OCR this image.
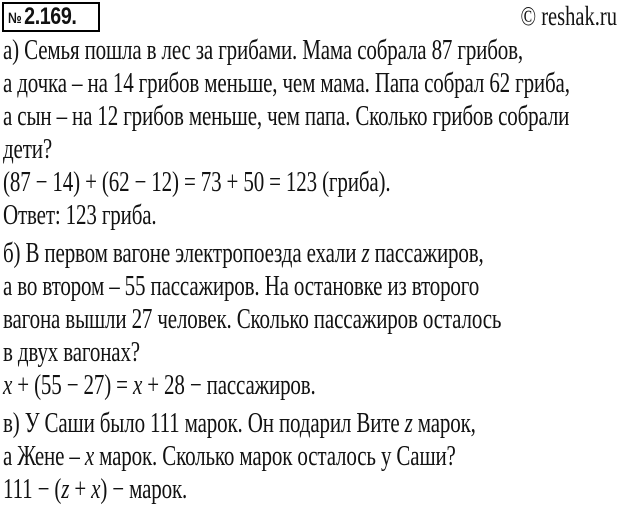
№ 2.169.	© reshak.ru
а) Семья пошла в лес за грибами. Мама собрала 87 грибов,
а дочка – на 14 грибов меньше, чем мама. Папа собрал 62 гриба,
а сын – на 12 грибов меньше, чем папа. Сколько грибов собрали
дети?
(87 − 14) + (62 − 12) = 73 + 50 = 123 (гриба).
Ответ: 123 гриба.
б) В первом вагоне электропоезда ехали z пассажиров,
а во втором – 55 пассажиров. На остановке из второго
вагона вышли 27 человек. Сколько пассажиров осталось
в двух вагонах?
x + (55 − 27) = x + 28 − пассажиров.
в) У Саши было 111 марок. Он подарил Вите z марок,
а Жене – x марок. Сколько марок осталось у Саши?
111 − (z + x) − марок.
